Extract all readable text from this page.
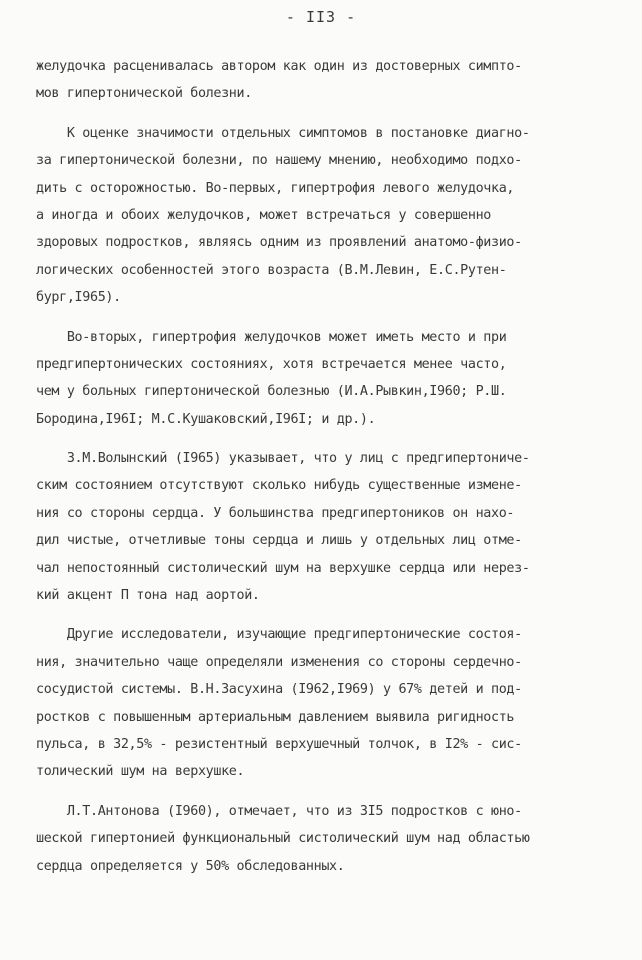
- II3 -
желудочка расценивалась автором как один из достоверных симпто-
мов гипертонической болезни.
К оценке значимости отдельных симптомов в постановке диагно-
за гипертонической болезни, по нашему мнению, необходимо подхо-
дить с осторожностью. Во-первых, гипертрофия левого желудочка,
а иногда и обоих желудочков, может встречаться у совершенно
здоровых подростков, являясь одним из проявлений анатомо-физио-
логических особенностей этого возраста (В.М.Левин, Е.С.Рутен-
бург,I965).
Во-вторых, гипертрофия желудочков может иметь место и при
предгипертонических состояниях, хотя встречается менее часто,
чем у больных гипертонической болезнью (И.А.Рывкин,I960; Р.Ш.
Бородина,I96I; М.С.Кушаковский,I96I; и др.).
З.М.Волынский (I965) указывает, что у лиц с предгипертониче-
ским состоянием отсутствуют сколько нибудь существенные измене-
ния со стороны сердца. У большинства предгипертоников он нахо-
дил чистые, отчетливые тоны сердца и лишь у отдельных лиц отме-
чал непостоянный систолический шум на верхушке сердца или нерез-
кий акцент П тона над аортой.
Другие исследователи, изучающие предгипертонические состоя-
ния, значительно чаще определяли изменения со стороны сердечно-
сосудистой системы. В.Н.Засухина (I962,I969) у 67% детей и под-
ростков с повышенным артериальным давлением выявила ригидность
пульса, в 32,5% - резистентный верхушечный толчок, в I2% - сис-
толический шум на верхушке.
Л.Т.Антонова (I960), отмечает, что из 3I5 подростков с юно-
шеской гипертонией функциональный систолический шум над областью
сердца определяется у 50% обследованных.
